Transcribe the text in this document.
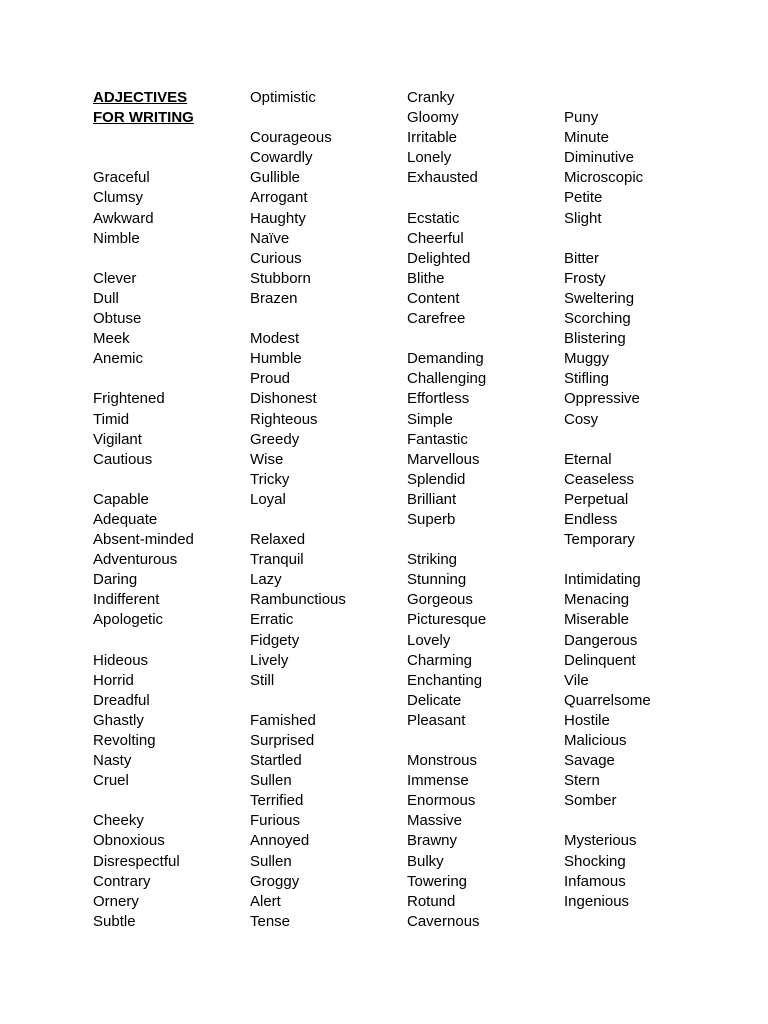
ADJECTIVES
FOR WRITING
Graceful
Clumsy
Awkward
Nimble
Clever
Dull
Obtuse
Meek
Anemic
Frightened
Timid
Vigilant
Cautious
Capable
Adequate
Absent-minded
Adventurous
Daring
Indifferent
Apologetic
Hideous
Horrid
Dreadful
Ghastly
Revolting
Nasty
Cruel
Cheeky
Obnoxious
Disrespectful
Contrary
Ornery
Subtle
Optimistic
Courageous
Cowardly
Gullible
Arrogant
Haughty
Naïve
Curious
Stubborn
Brazen
Modest
Humble
Proud
Dishonest
Righteous
Greedy
Wise
Tricky
Loyal
Relaxed
Tranquil
Lazy
Rambunctious
Erratic
Fidgety
Lively
Still
Famished
Surprised
Startled
Sullen
Terrified
Furious
Annoyed
Sullen
Groggy
Alert
Tense
Cranky
Gloomy
Irritable
Lonely
Exhausted
Ecstatic
Cheerful
Delighted
Blithe
Content
Carefree
Demanding
Challenging
Effortless
Simple
Fantastic
Marvellous
Splendid
Brilliant
Superb
Striking
Stunning
Gorgeous
Picturesque
Lovely
Charming
Enchanting
Delicate
Pleasant
Monstrous
Immense
Enormous
Massive
Brawny
Bulky
Towering
Rotund
Cavernous
Puny
Minute
Diminutive
Microscopic
Petite
Slight
Bitter
Frosty
Sweltering
Scorching
Blistering
Muggy
Stifling
Oppressive
Cosy
Eternal
Ceaseless
Perpetual
Endless
Temporary
Intimidating
Menacing
Miserable
Dangerous
Delinquent
Vile
Quarrelsome
Hostile
Malicious
Savage
Stern
Somber
Mysterious
Shocking
Infamous
Ingenious
